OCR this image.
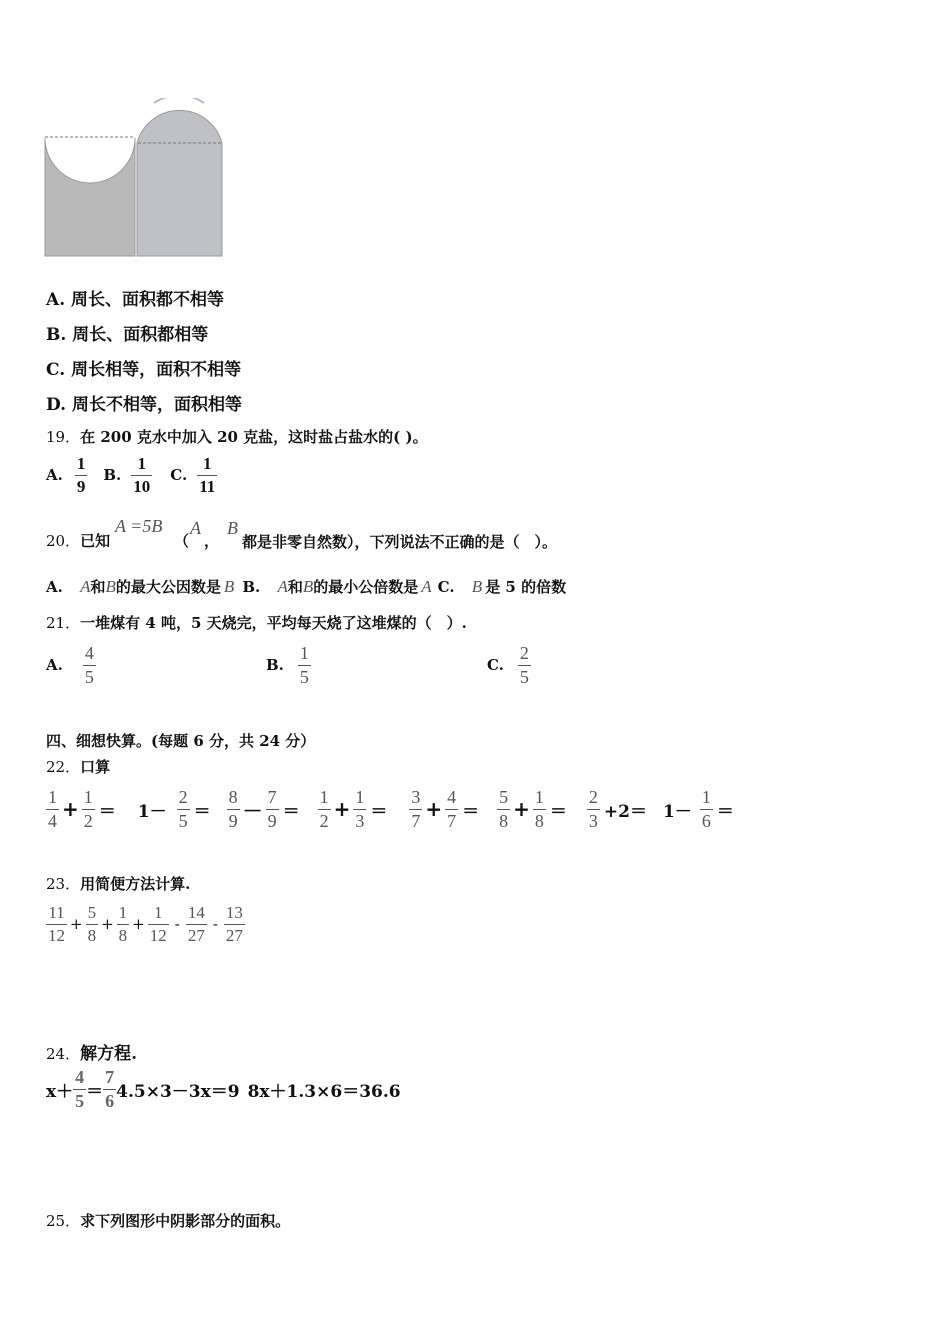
A. 周长、面积都不相等
B. 周长、面积都相等
C. 周长相等，面积不相等
D. 周长不相等，面积相等
19．在 200 克水中加入 20 克盐，这时盐占盐水的( )。
A. $\frac{1}{9} B$. $\frac{1}{10} C$. $\frac{1}{11}$
20．已知
A =5B
（
A
，
B
都是非零自然数），下列说法不正确的是（　）。
A. A和B的最大公因数是 B B. A和B的最小公倍数是 A C. B 是 5 的倍数
21．一堆煤有 4 吨，5 天烧完，平均每天烧了这堆煤的（　）.
A. $\frac{4}{5}$	B. $\frac{1}{5}$	C. $\frac{2}{5}$
四、细想快算。(每题 6 分，共 24 分）
22．口算
$\frac{1}{4} + \frac{1}{2} = 1- \frac{2}{5} = \frac{8}{9} - \frac{7}{9} = \frac{1}{2} + \frac{1}{3} = \frac{3}{7} + \frac{4}{7} = \frac{5}{8} + \frac{1}{8} = \frac{2}{3} +2= 1- \frac{1}{6}$ ＝
23．用简便方法计算.
$\frac{11}{12} + \frac{5}{8} + \frac{1}{8} + \frac{1}{12} - \frac{14}{27} - \frac{13}{27}$
24．解方程.
$x+ \frac{4}{5} = \frac{7}{6} 4.5\times 3-3x=9$ 8x＋1.3×6＝36.6
25．求下列图形中阴影部分的面积。
